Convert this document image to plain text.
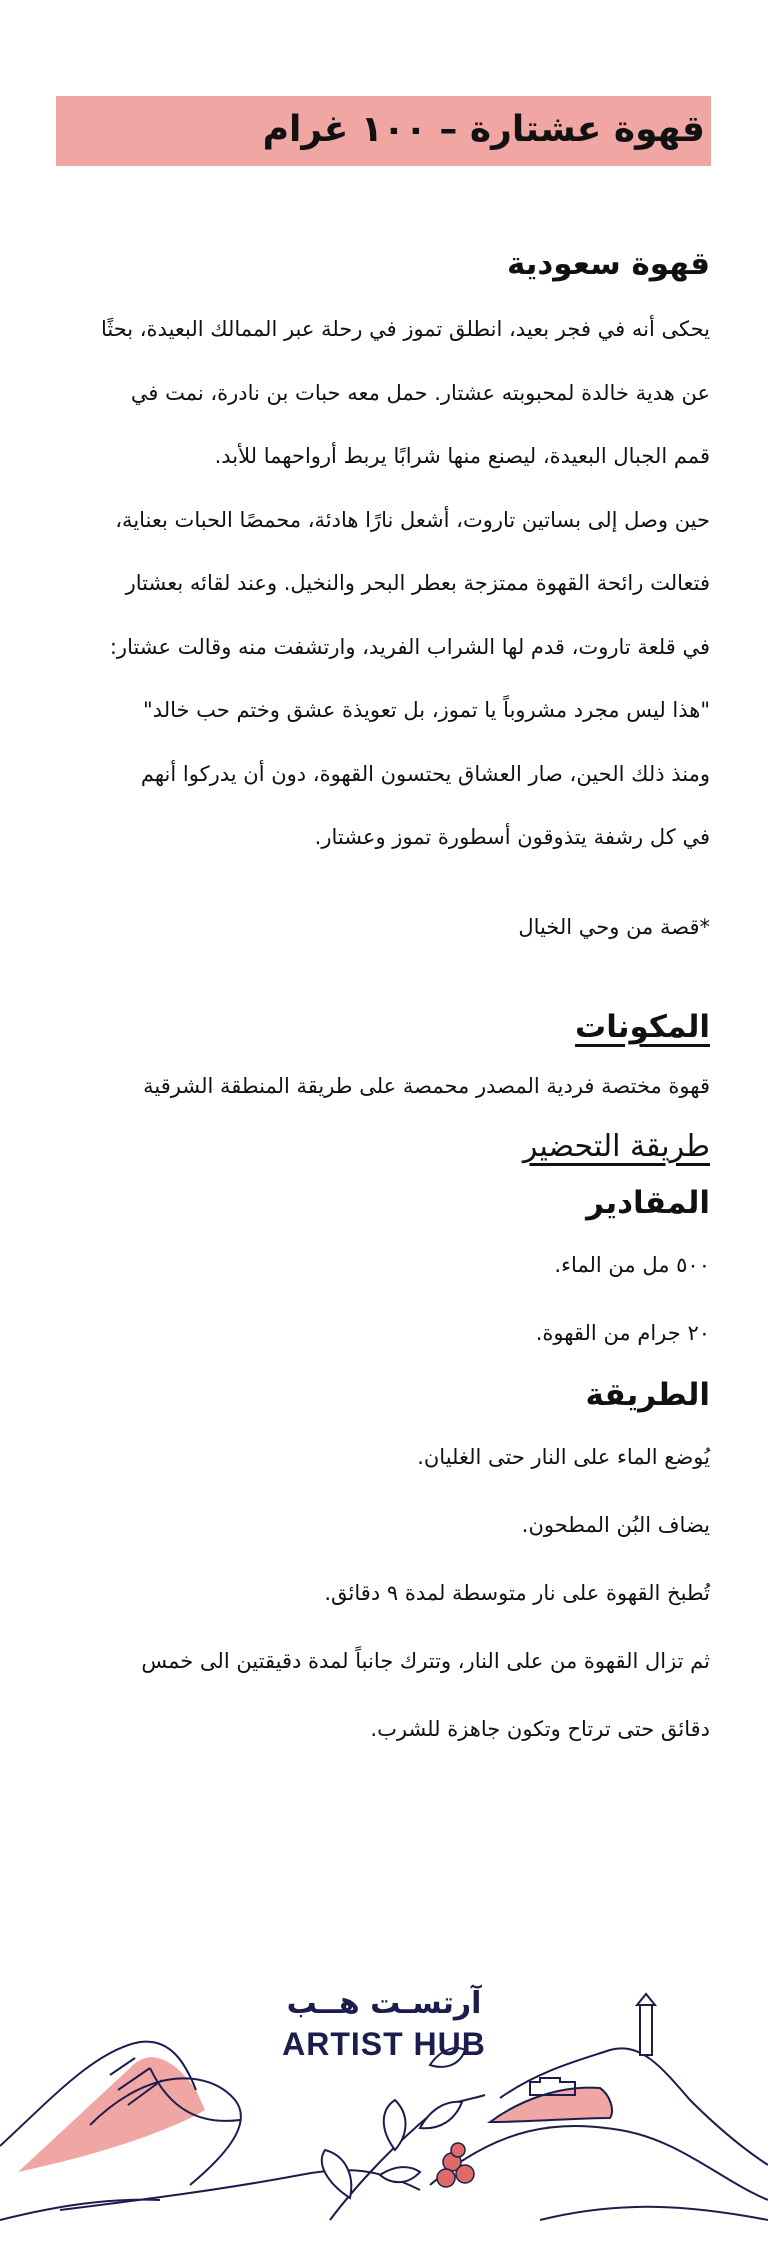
قهوة عشتارة – ١٠٠ غرام
قهوة سعودية

يحكى أنه في فجر بعيد، انطلق تموز في رحلة عبر الممالك البعيدة، بحثًا

عن هدية خالدة لمحبوبته عشتار. حمل معه حبات بن نادرة، نمت في

قمم الجبال البعيدة، ليصنع منها شرابًا يربط أرواحهما للأبد.

حين وصل إلى بساتين تاروت، أشعل نارًا هادئة، محمصًا الحبات بعناية،

فتعالت رائحة القهوة ممتزجة بعطر البحر والنخيل. وعند لقائه بعشتار

في قلعة تاروت، قدم لها الشراب الفريد، وارتشفت منه وقالت عشتار:

"هذا ليس مجرد مشروباً يا تموز، بل تعويذة عشق وختم حب خالد"

ومنذ ذلك الحين، صار العشاق يحتسون القهوة، دون أن يدركوا أنهم

في كل رشفة يتذوقون أسطورة تموز وعشتار.

*قصة من وحي الخيال

المكونات

قهوة مختصة فردية المصدر محمصة على طريقة المنطقة الشرقية

طريقة التحضير
المقادير

٥٠٠ مل من الماء.

٢٠ جرام من القهوة.

الطريقة

يُوضع الماء على النار حتى الغليان.

يضاف البُن المطحون.

تُطبخ القهوة على نار متوسطة لمدة ٩ دقائق.

ثم تزال القهوة من على النار، وتترك جانباً لمدة دقيقتين الى خمس

دقائق حتى ترتاح وتكون جاهزة للشرب.

آرتسـت هــب
ARTIST HUB
